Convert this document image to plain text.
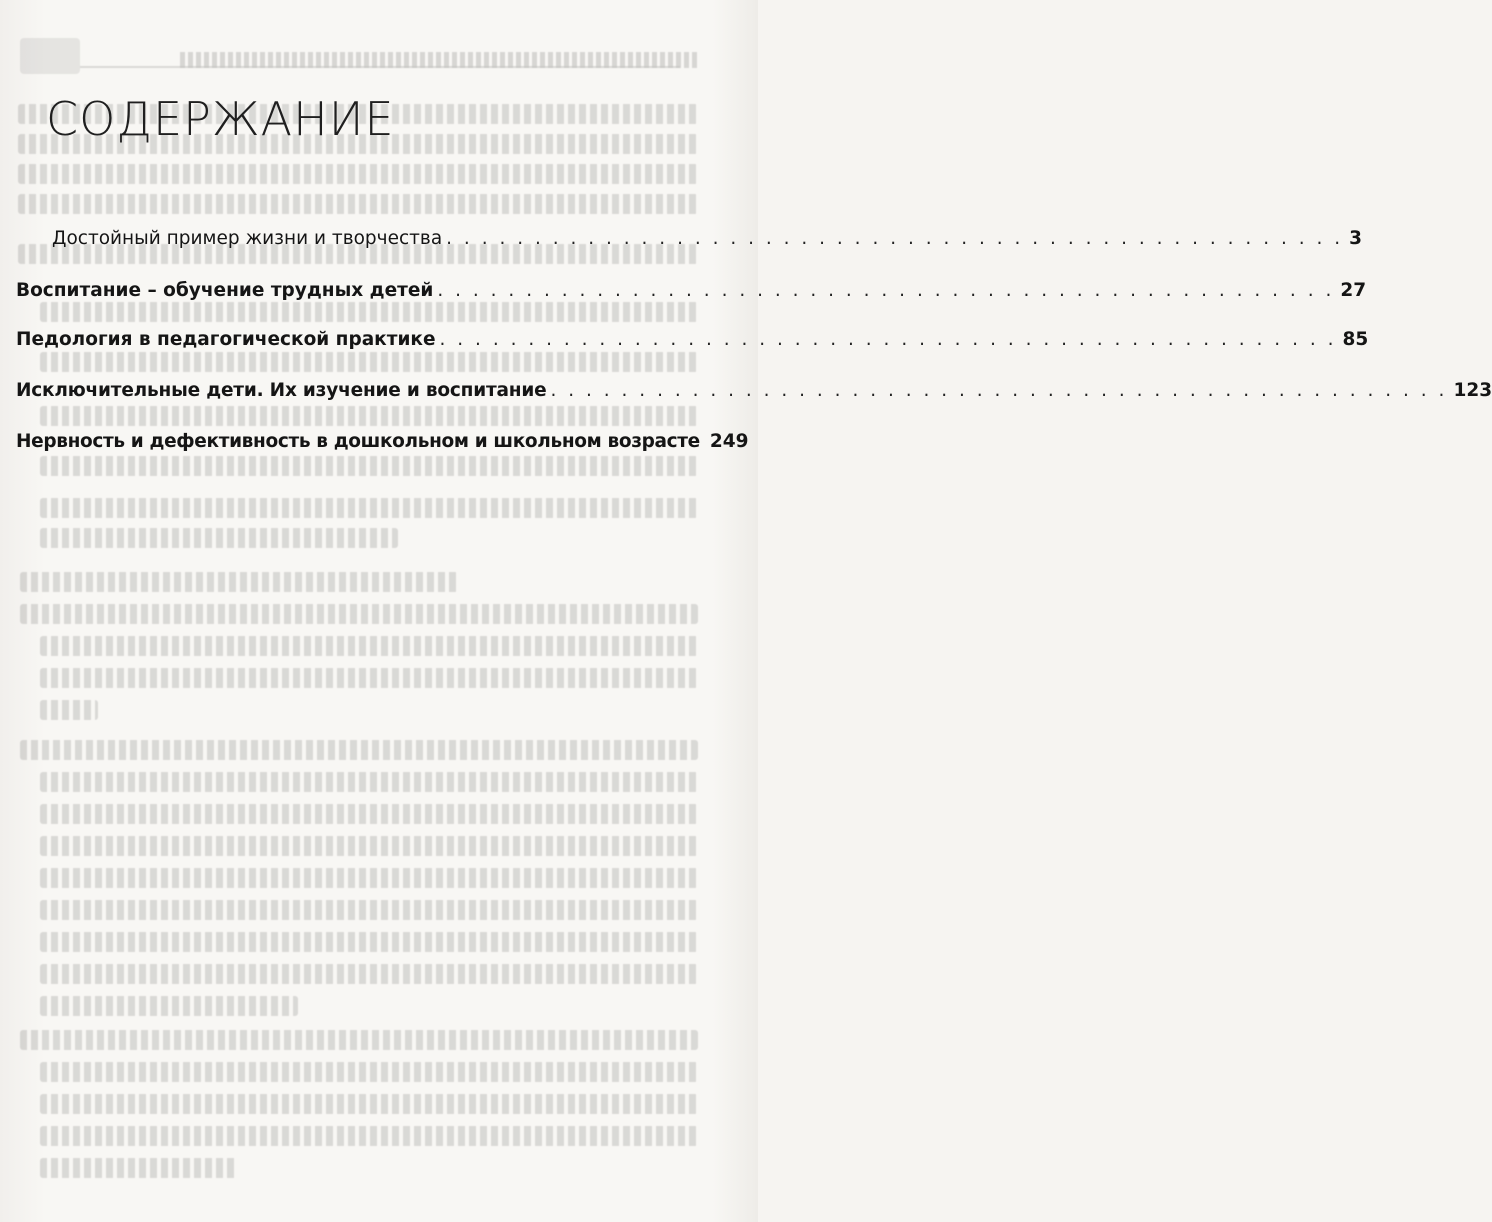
СОДЕРЖАНИЕ
Достойный пример жизни и творчества . . . . . . . . . . . . . . . . . . . . . . . . . . . . . . . . . . . . . . . . . . . . . . . . . . . 3
Воспитание – обучение трудных детей . . . . . . . . . . . . . . . . . . . . . . . . . . . . . . . . . . . . . . . . . . . . . . . . . . . 27
Педология в педагогической практике . . . . . . . . . . . . . . . . . . . . . . . . . . . . . . . . . . . . . . . . . . . . . . . . . . . 85
Исключительные дети. Их изучение и воспитание . . . . . . . . . . . . . . . . . . . . . . . . . . . . . . . . . . . . . . . . . . . . . . . . . . . 123
Нервность и дефективность в дошкольном и школьном возрасте 249
